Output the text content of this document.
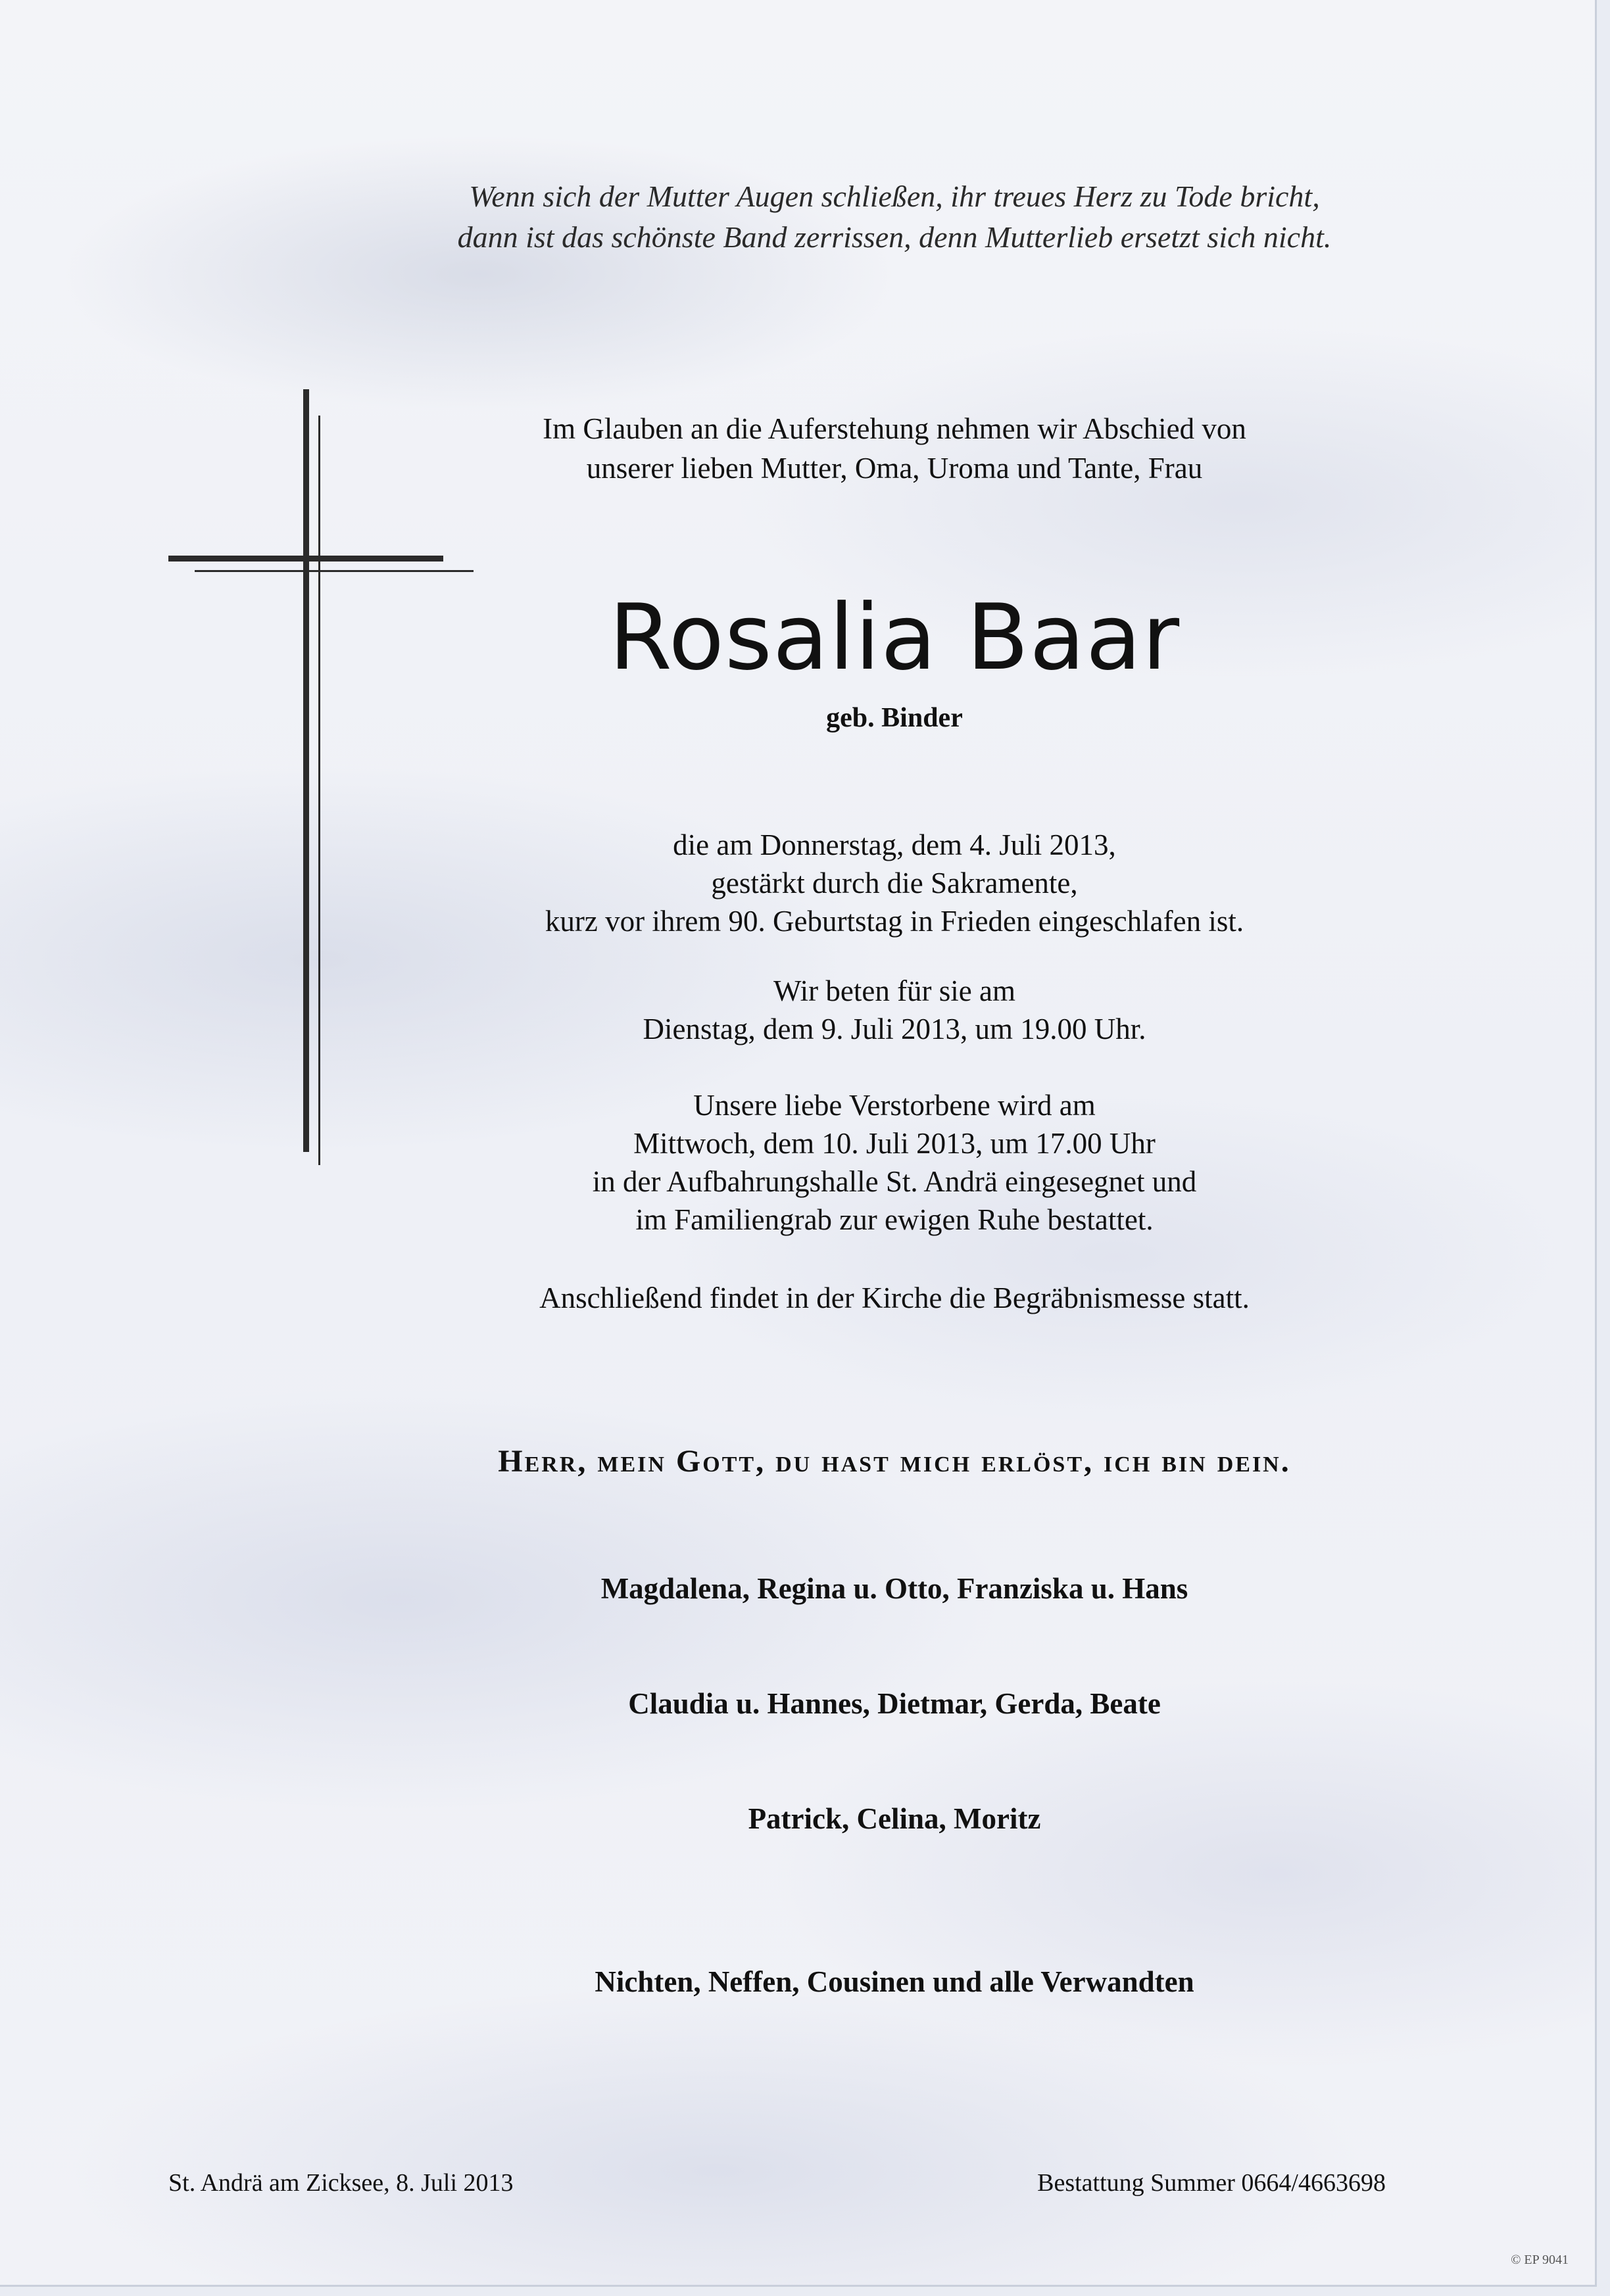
Wenn sich der Mutter Augen schließen, ihr treues Herz zu Tode bricht,
dann ist das schönste Band zerrissen, denn Mutterlieb ersetzt sich nicht.
Im Glauben an die Auferstehung nehmen wir Abschied von
unserer lieben Mutter, Oma, Uroma und Tante, Frau
Rosalia Baar
geb. Binder
die am Donnerstag, dem 4. Juli 2013,
gestärkt durch die Sakramente,
kurz vor ihrem 90. Geburtstag in Frieden eingeschlafen ist.
Wir beten für sie am
Dienstag, dem 9. Juli 2013, um 19.00 Uhr.
Unsere liebe Verstorbene wird am
Mittwoch, dem 10. Juli 2013, um 17.00 Uhr
in der Aufbahrungshalle St. Andrä eingesegnet und
im Familiengrab zur ewigen Ruhe bestattet.
Anschließend findet in der Kirche die Begräbnismesse statt.
Herr, mein Gott, du hast mich erlöst, ich bin dein.
Magdalena, Regina u. Otto, Franziska u. Hans
Claudia u. Hannes, Dietmar, Gerda, Beate
Patrick, Celina, Moritz
Nichten, Neffen, Cousinen und alle Verwandten
St. Andrä am Zicksee, 8. Juli 2013	Bestattung Summer 0664/4663698
© EP 9041
